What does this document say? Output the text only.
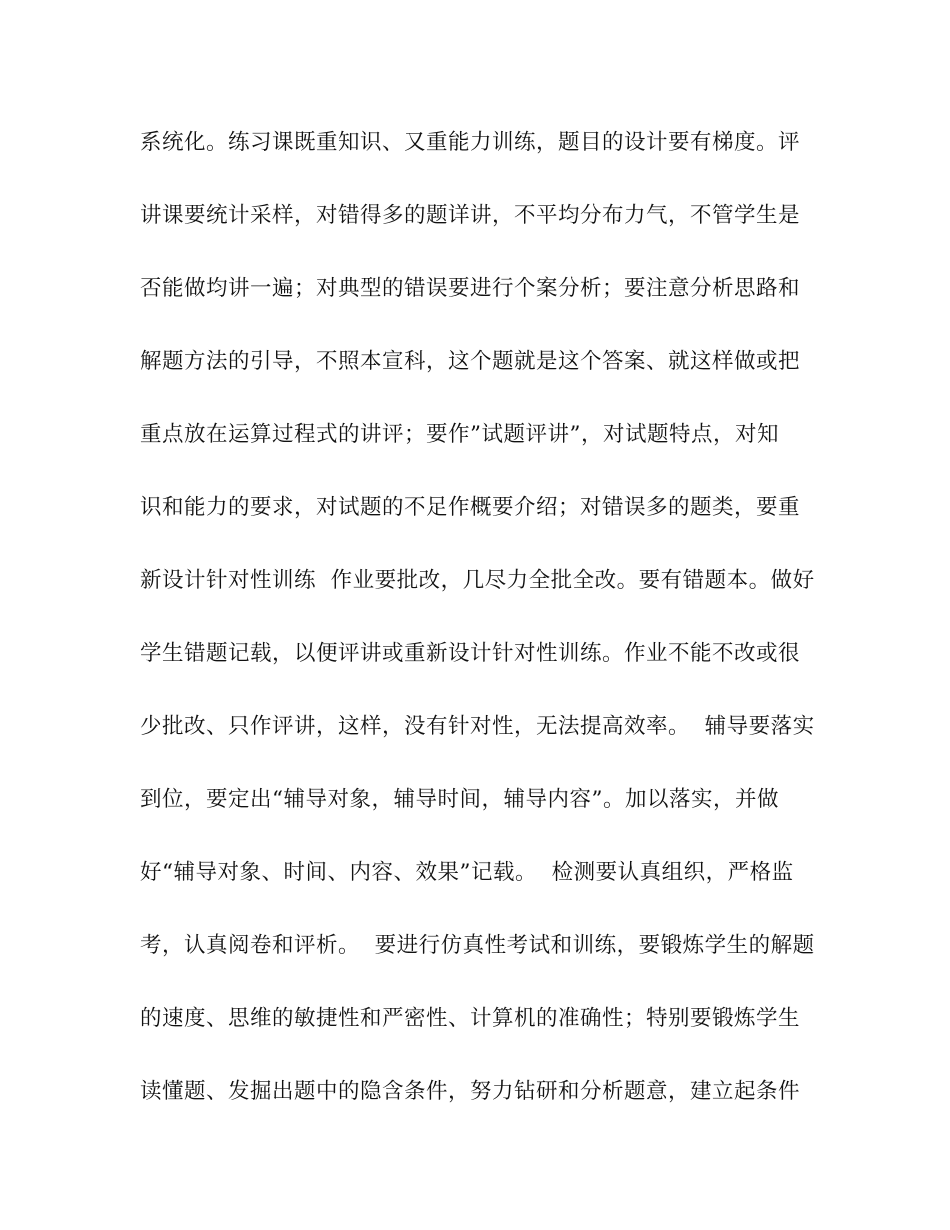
系统化。练习课既重知识、又重能力训练，题目的设计要有梯度。评
讲课要统计采样，对错得多的题详讲，不平均分布力气，不管学生是
否能做均讲一遍；对典型的错误要进行个案分析；要注意分析思路和
解题方法的引导，不照本宣科，这个题就是这个答案、就这样做或把
重点放在运算过程式的讲评；要作”试题评讲”，对试题特点，对知
识和能力的要求，对试题的不足作概要介绍；对错误多的题类，要重
新设计针对性训练  作业要批改，几尽力全批全改。要有错题本。做好
学生错题记载，以便评讲或重新设计针对性训练。作业不能不改或很
少批改、只作评讲，这样，没有针对性，无法提高效率。  辅导要落实
到位，要定出“辅导对象，辅导时间，辅导内容”。加以落实，并做
好“辅导对象、时间、内容、效果”记载。  检测要认真组织，严格监
考，认真阅卷和评析。  要进行仿真性考试和训练，要锻炼学生的解题
的速度、思维的敏捷性和严密性、计算机的准确性；特别要锻炼学生
读懂题、发掘出题中的隐含条件，努力钻研和分析题意，建立起条件
